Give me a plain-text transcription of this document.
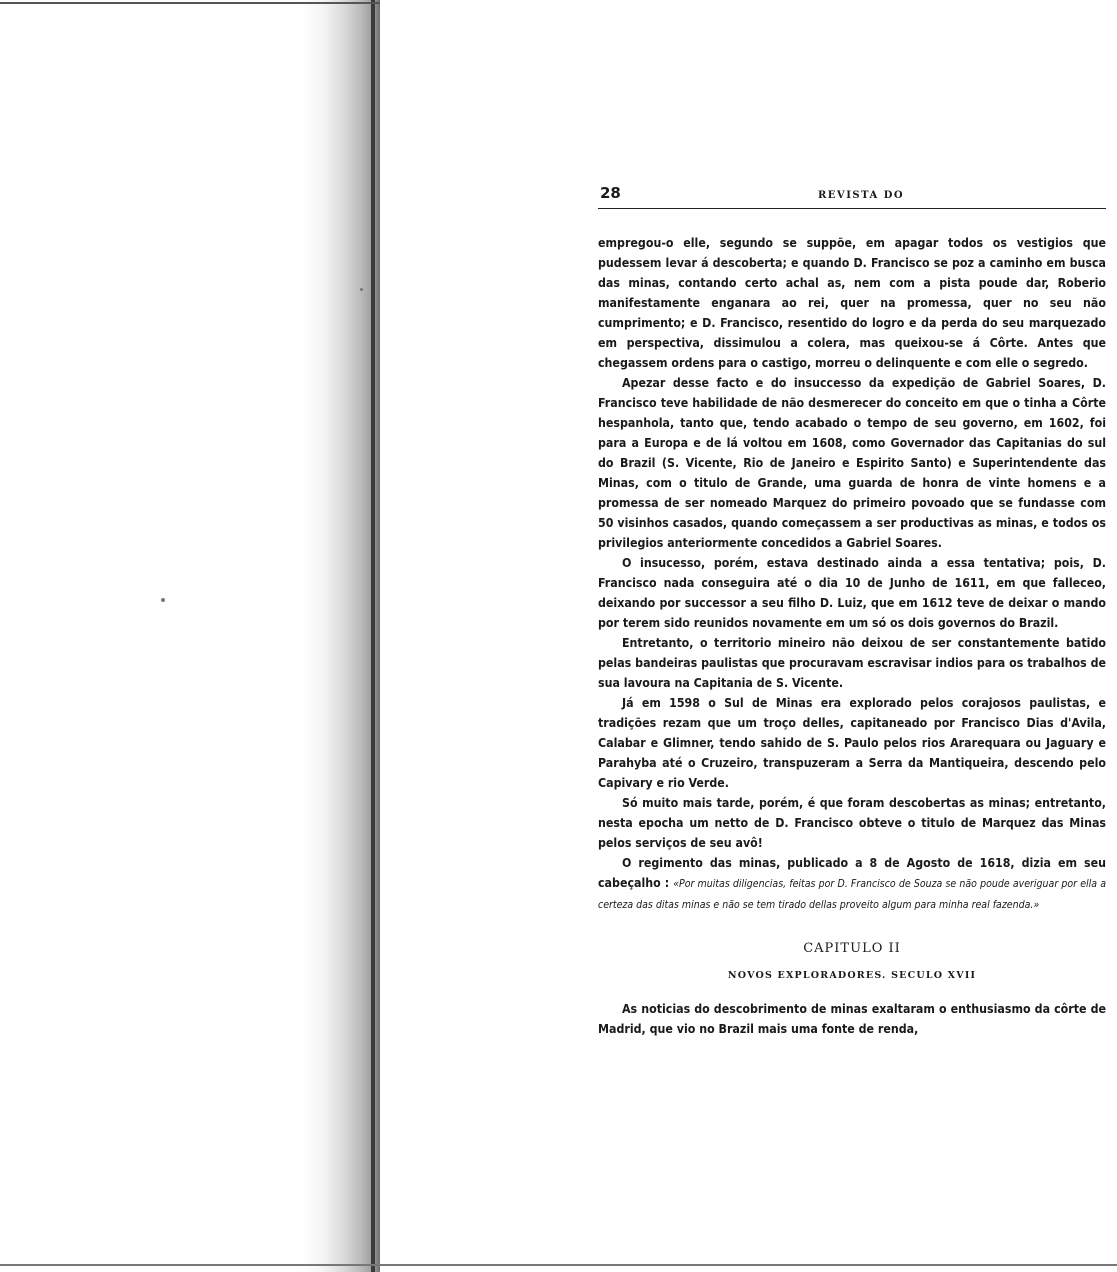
28	REVISTA DO

empregou-o elle, segundo se suppõe, em apagar todos os vestigios que pudessem levar á descoberta; e quando D. Francisco se poz a caminho em busca das minas, contando certo achal as, nem com a pista poude dar, Roberio manifestamente enganara ao rei, quer na promessa, quer no seu não cumprimento; e D. Francisco, resentido do logro e da perda do seu marquezado em perspectiva, dissimulou a colera, mas queixou-se á Côrte. Antes que chegassem ordens para o castigo, morreu o delinquente e com elle o segredo.

Apezar desse facto e do insuccesso da expedição de Gabriel Soares, D. Francisco teve habilidade de não desmerecer do conceito em que o tinha a Côrte hespanhola, tanto que, tendo acabado o tempo de seu governo, em 1602, foi para a Europa e de lá voltou em 1608, como Governador das Capitanias do sul do Brazil (S. Vicente, Rio de Janeiro e Espirito Santo) e Superintendente das Minas, com o titulo de Grande, uma guarda de honra de vinte homens e a promessa de ser nomeado Marquez do primeiro povoado que se fundasse com 50 visinhos casados, quando começassem a ser productivas as minas, e todos os privilegios anteriormente concedidos a Gabriel Soares.

O insucesso, porém, estava destinado ainda a essa tentativa; pois, D. Francisco nada conseguira até o dia 10 de Junho de 1611, em que falleceo, deixando por successor a seu filho D. Luiz, que em 1612 teve de deixar o mando por terem sido reunidos novamente em um só os dois governos do Brazil.

Entretanto, o territorio mineiro não deixou de ser constantemente batido pelas bandeiras paulistas que procuravam escravisar indios para os trabalhos de sua lavoura na Capitania de S. Vicente.

Já em 1598 o Sul de Minas era explorado pelos corajosos paulistas, e tradições rezam que um troço delles, capitaneado por Francisco Dias d'Avila, Calabar e Glimner, tendo sahido de S. Paulo pelos rios Ararequara ou Jaguary e Parahyba até o Cruzeiro, transpuzeram a Serra da Mantiqueira, descendo pelo Capivary e rio Verde.

Só muito mais tarde, porém, é que foram descobertas as minas; entretanto, nesta epocha um netto de D. Francisco obteve o titulo de Marquez das Minas pelos serviços de seu avô!

O regimento das minas, publicado a 8 de Agosto de 1618, dizia em seu cabeçalho : «Por muitas diligencias, feitas por D. Francisco de Souza se não poude averiguar por ella a certeza das ditas minas e não se tem tirado dellas proveito algum para minha real fazenda.»

CAPITULO II
NOVOS EXPLORADORES. SECULO XVII
As noticias do descobrimento de minas exaltaram o enthusiasmo da côrte de Madrid, que vio no Brazil mais uma fonte de renda,
